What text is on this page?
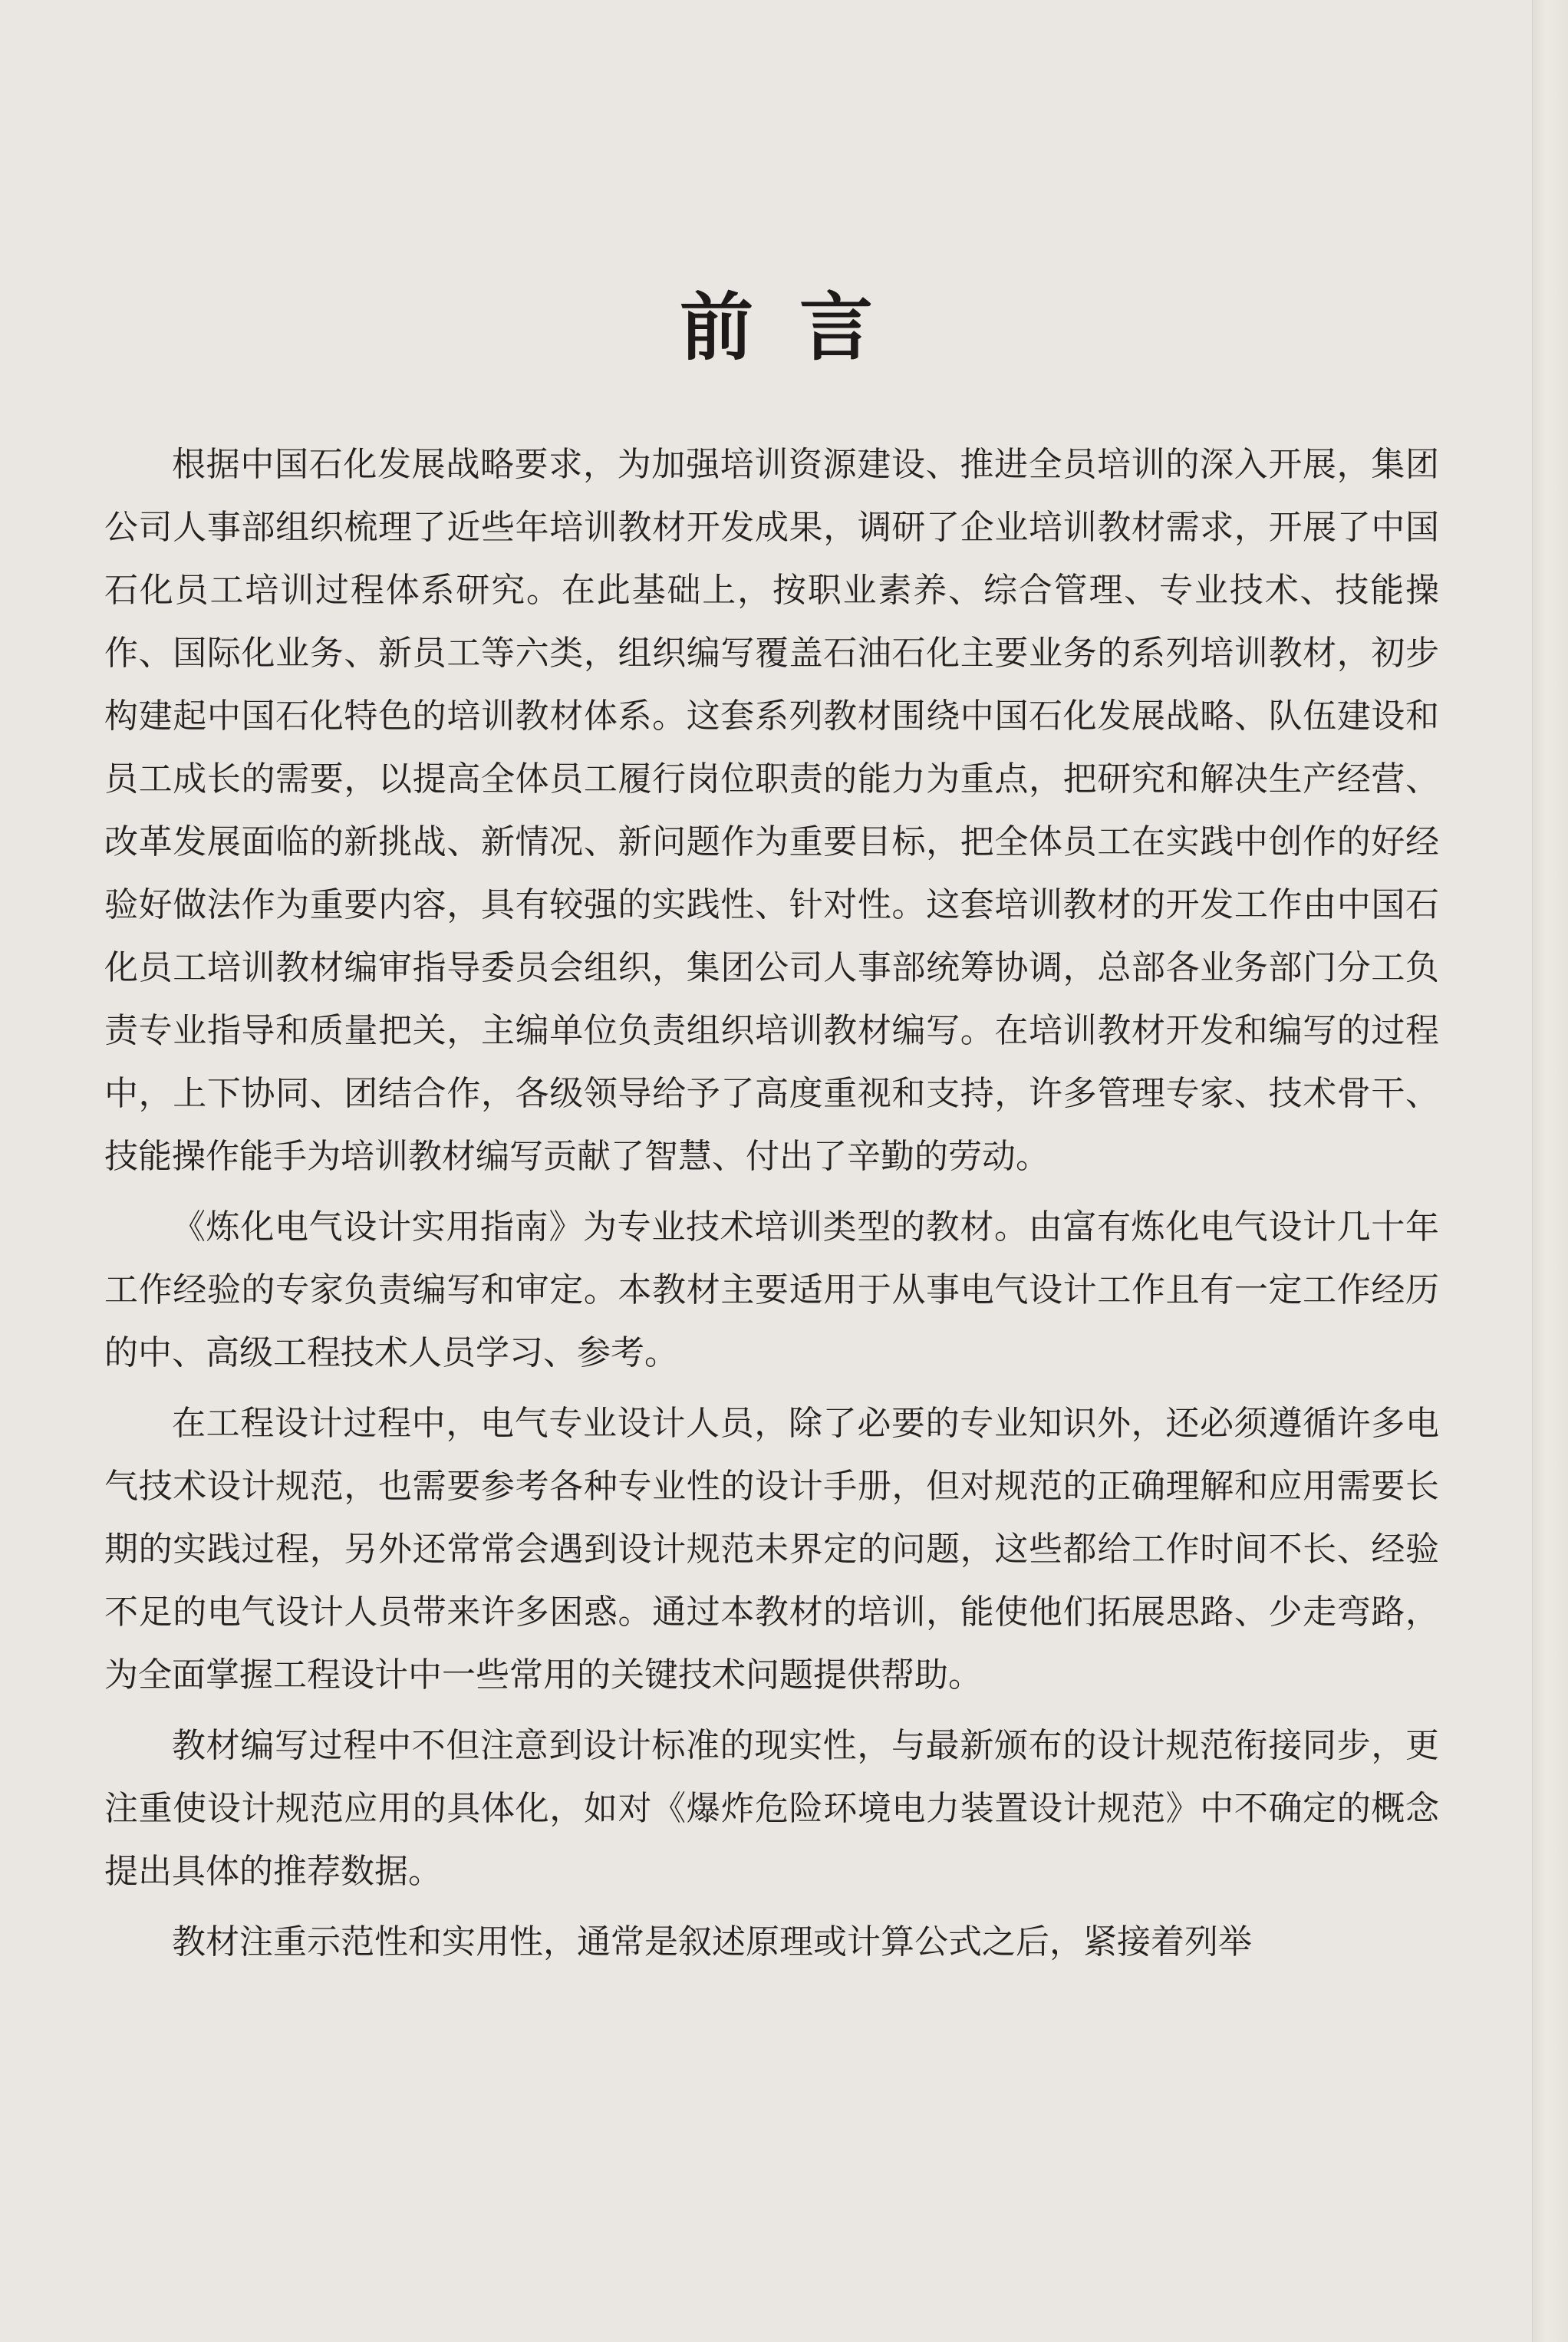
前言

根据中国石化发展战略要求，为加强培训资源建设、推进全员培训的深入开展，集团公司人事部组织梳理了近些年培训教材开发成果，调研了企业培训教材需求，开展了中国石化员工培训过程体系研究。在此基础上，按职业素养、综合管理、专业技术、技能操作、国际化业务、新员工等六类，组织编写覆盖石油石化主要业务的系列培训教材，初步构建起中国石化特色的培训教材体系。这套系列教材围绕中国石化发展战略、队伍建设和员工成长的需要，以提高全体员工履行岗位职责的能力为重点，把研究和解决生产经营、改革发展面临的新挑战、新情况、新问题作为重要目标，把全体员工在实践中创作的好经验好做法作为重要内容，具有较强的实践性、针对性。这套培训教材的开发工作由中国石化员工培训教材编审指导委员会组织，集团公司人事部统筹协调，总部各业务部门分工负责专业指导和质量把关，主编单位负责组织培训教材编写。在培训教材开发和编写的过程中，上下协同、团结合作，各级领导给予了高度重视和支持，许多管理专家、技术骨干、技能操作能手为培训教材编写贡献了智慧、付出了辛勤的劳动。

《炼化电气设计实用指南》为专业技术培训类型的教材。由富有炼化电气设计几十年工作经验的专家负责编写和审定。本教材主要适用于从事电气设计工作且有一定工作经历的中、高级工程技术人员学习、参考。

在工程设计过程中，电气专业设计人员，除了必要的专业知识外，还必须遵循许多电气技术设计规范，也需要参考各种专业性的设计手册，但对规范的正确理解和应用需要长期的实践过程，另外还常常会遇到设计规范未界定的问题，这些都给工作时间不长、经验不足的电气设计人员带来许多困惑。通过本教材的培训，能使他们拓展思路、少走弯路，为全面掌握工程设计中一些常用的关键技术问题提供帮助。

教材编写过程中不但注意到设计标准的现实性，与最新颁布的设计规范衔接同步，更注重使设计规范应用的具体化，如对《爆炸危险环境电力装置设计规范》中不确定的概念提出具体的推荐数据。

教材注重示范性和实用性，通常是叙述原理或计算公式之后，紧接着列举
